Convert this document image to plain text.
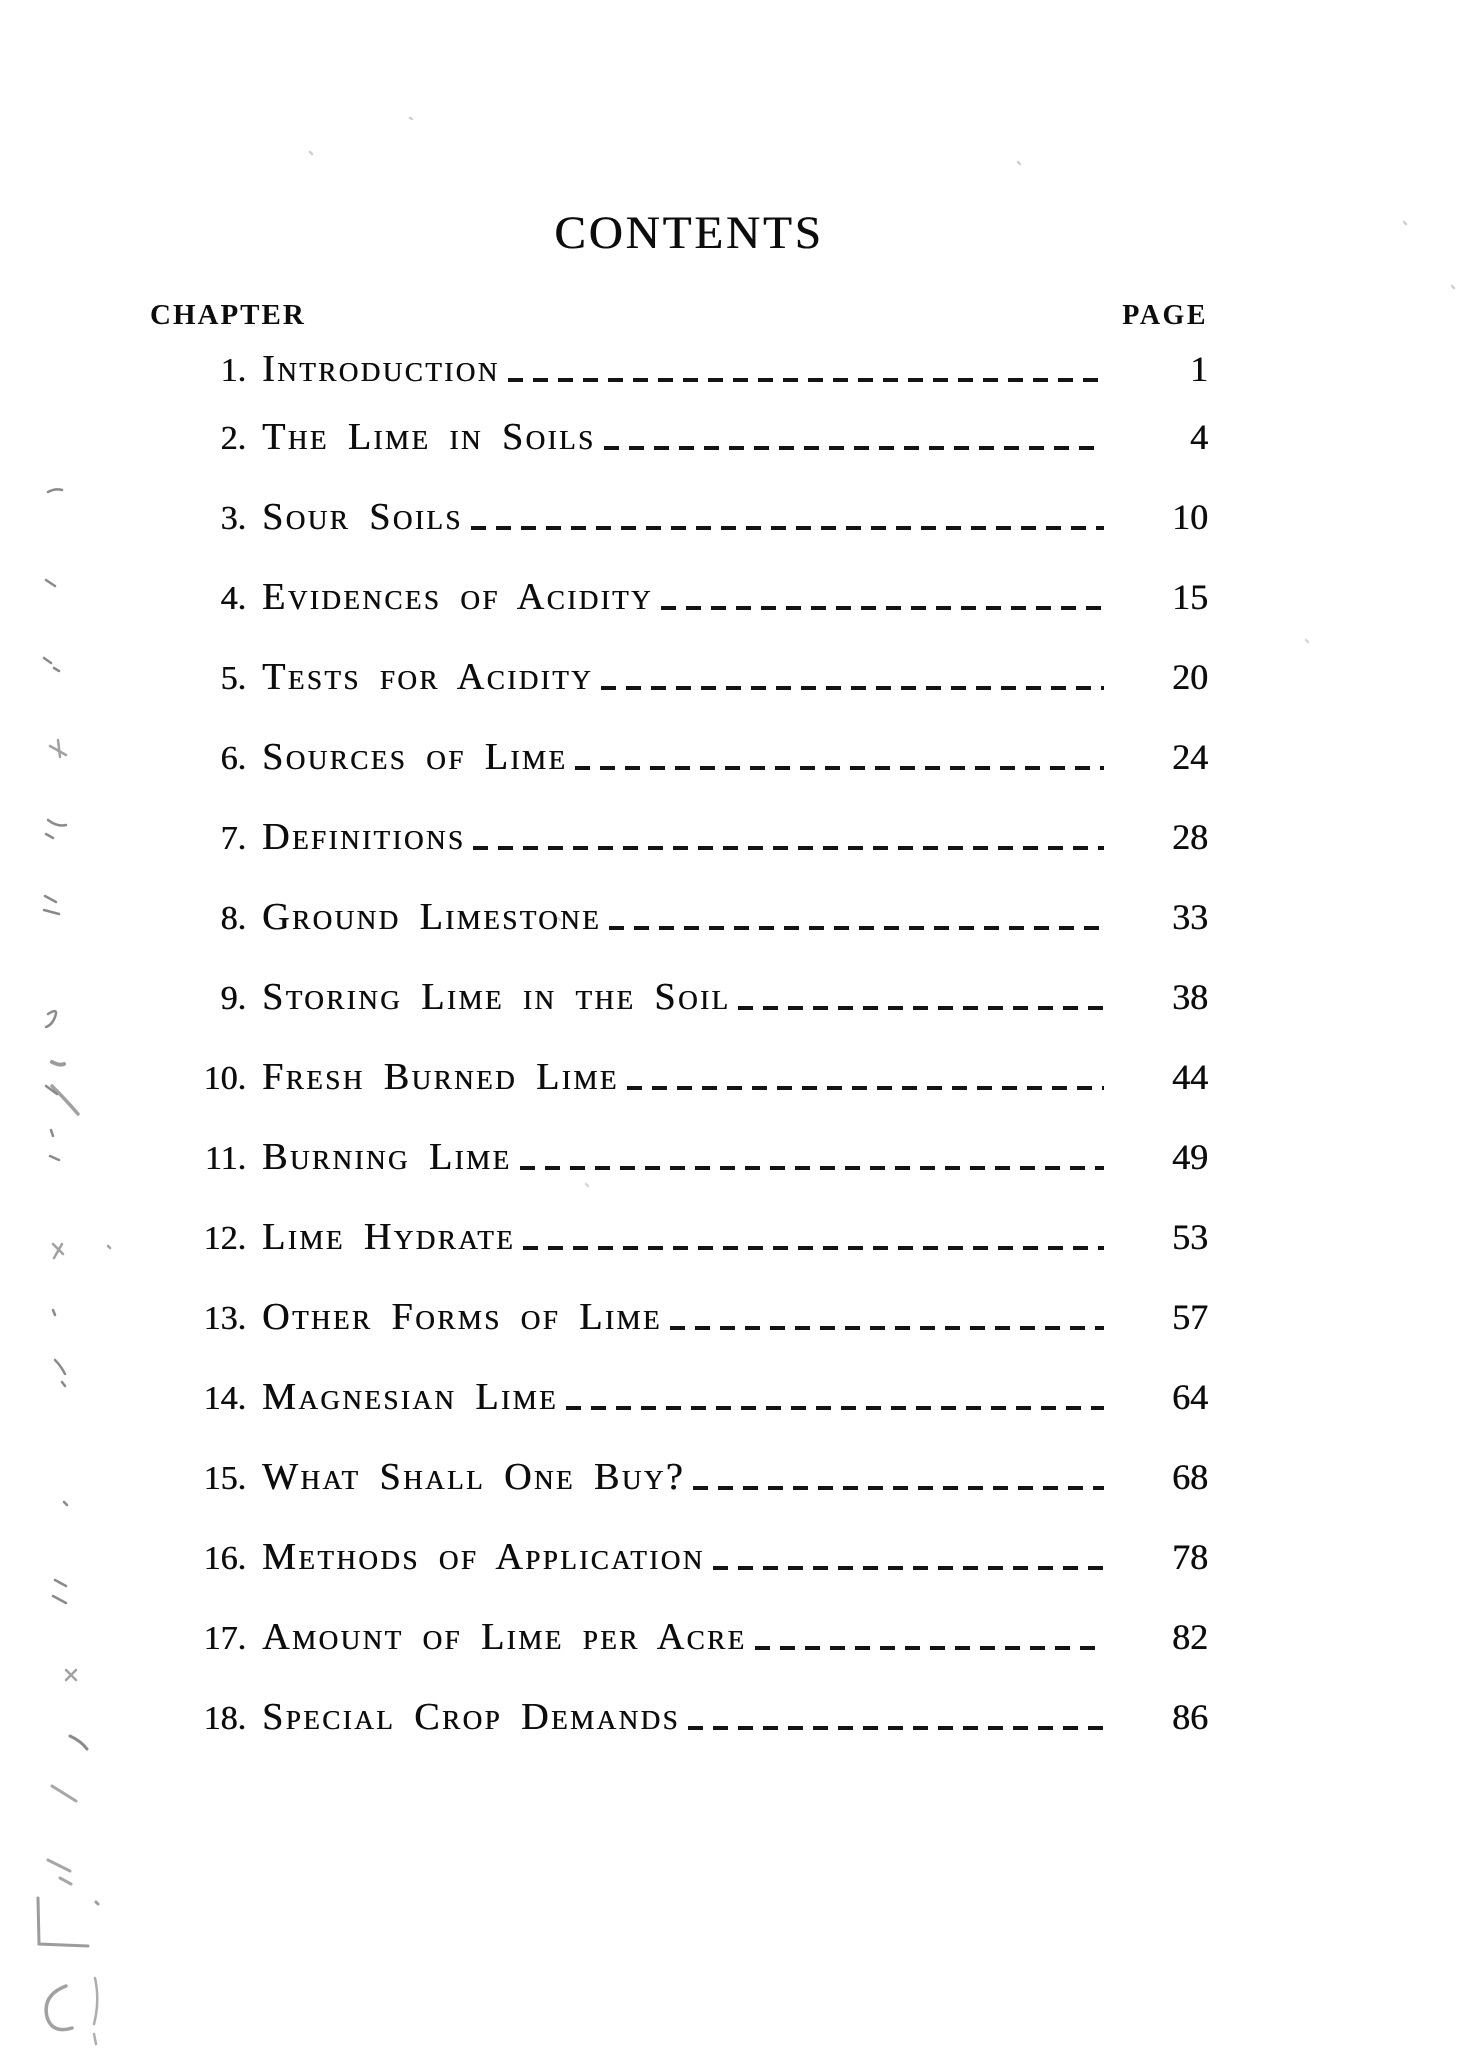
CONTENTS
CHAPTER	PAGE
1. Introduction	1
2. The Lime in Soils	4
3. Sour Soils	10
4. Evidences of Acidity	15
5. Tests for Acidity	20
6. Sources of Lime	24
7. Definitions	28
8. Ground Limestone	33
9. Storing Lime in the Soil	38
10. Fresh Burned Lime	44
11. Burning Lime	49
12. Lime Hydrate	53
13. Other Forms of Lime	57
14. Magnesian Lime	64
15. What Shall One Buy?	68
16. Methods of Application	78
17. Amount of Lime per Acre	82
18. Special Crop Demands	86
